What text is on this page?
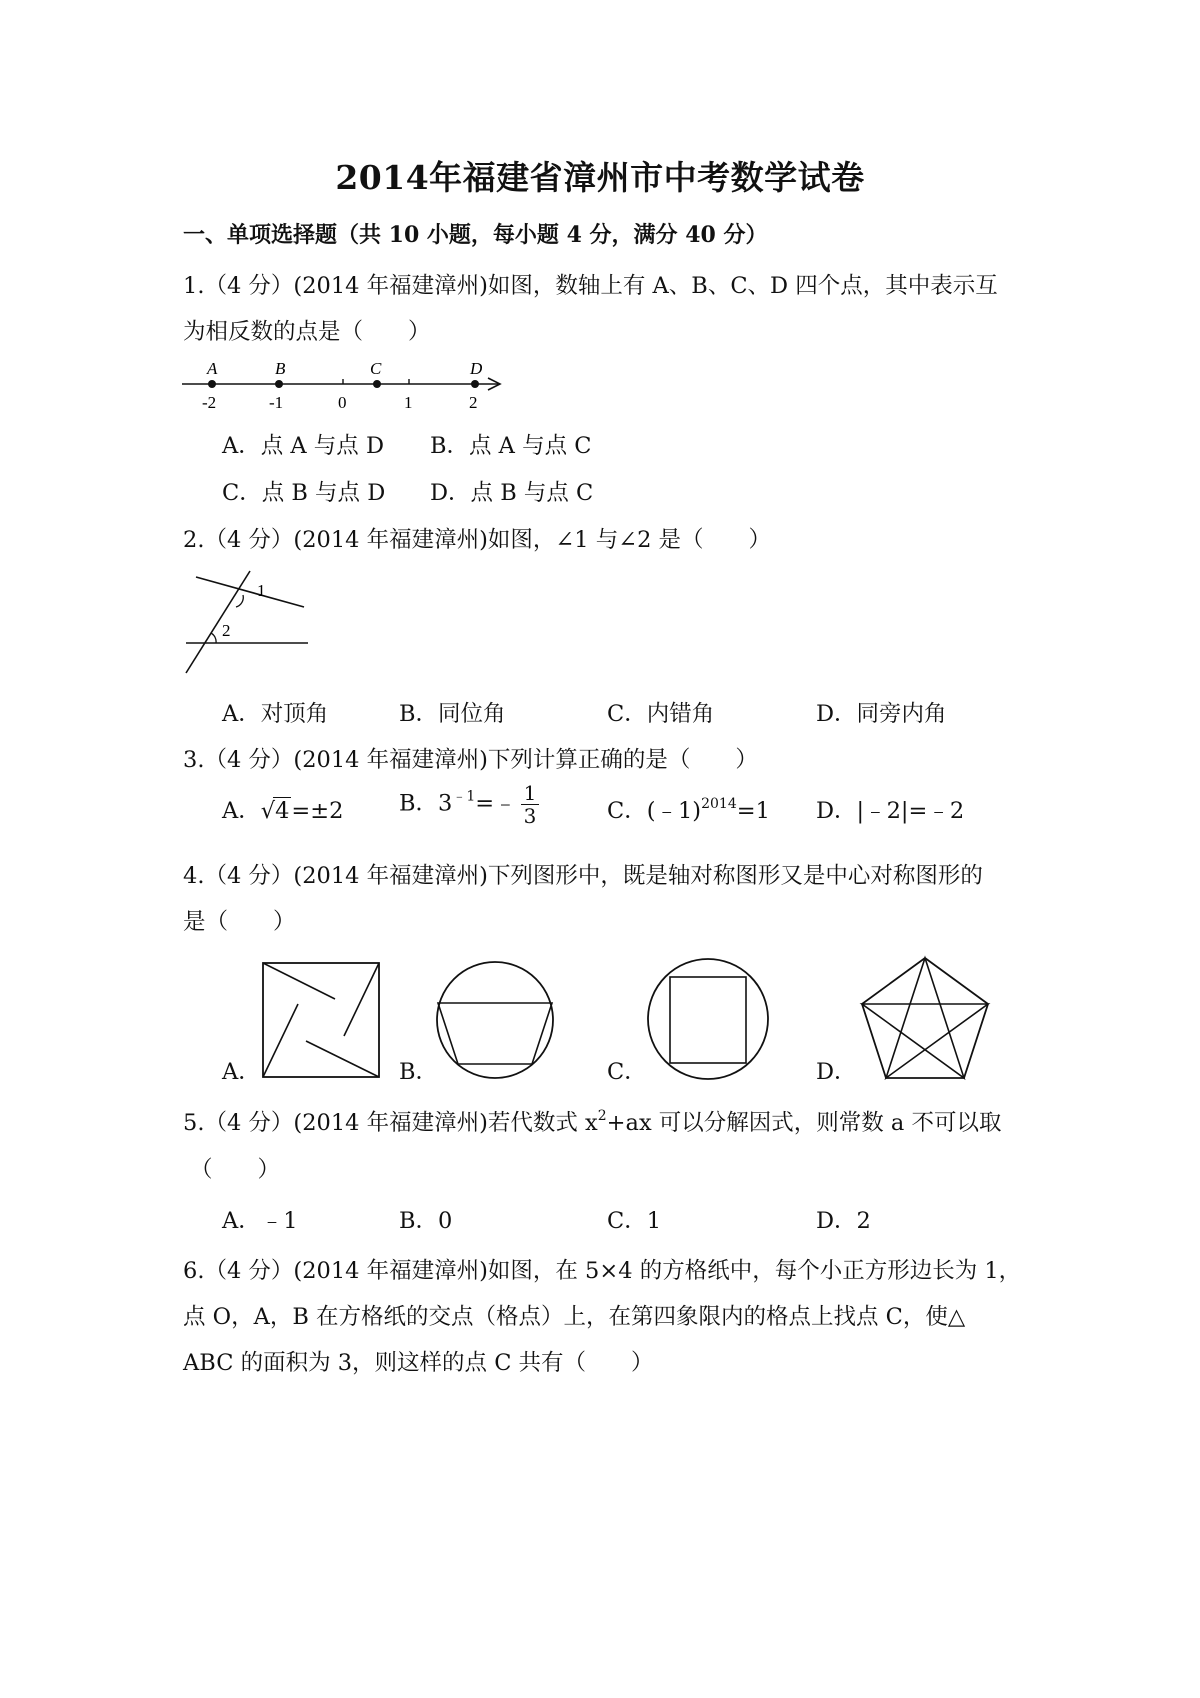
2014年福建省漳州市中考数学试卷
一、单项选择题（共 10 小题，每小题 4 分，满分 40 分）
1.（4 分）(2014 年福建漳州)如图，数轴上有 A、B、C、D 四个点，其中表示互
为相反数的点是（　　）
A	B	C	D
-2	-1	0	1	2
A．点 A 与点 D B．点 A 与点 C
C．点 B 与点 D D．点 B 与点 C
2.（4 分）(2014 年福建漳州)如图，∠1 与∠2 是（　　）
1
2
A．对顶角	B．同位角	C．内错角	D．同旁内角
3.（4 分）(2014 年福建漳州)下列计算正确的是（　　）
A．√4=±2 B．$3^{﹣1}=﹣ \frac{1}{3}$	C．(﹣1)$^{2014}$=1 D．|﹣2|=﹣2
4.（4 分）(2014 年福建漳州)下列图形中，既是轴对称图形又是中心对称图形的
是（　　）
A．	B．	C．	D．
5.（4 分）(2014 年福建漳州)若代数式 $x^2+ax$ 可以分解因式，则常数 a 不可以取
（　　）
A．﹣1	B．0	C．1	D．2
6.（4 分）(2014 年福建漳州)如图，在 5×4 的方格纸中，每个小正方形边长为 1，
点 O，A，B 在方格纸的交点（格点）上，在第四象限内的格点上找点 C，使△
ABC 的面积为 3，则这样的点 C 共有（　　）
